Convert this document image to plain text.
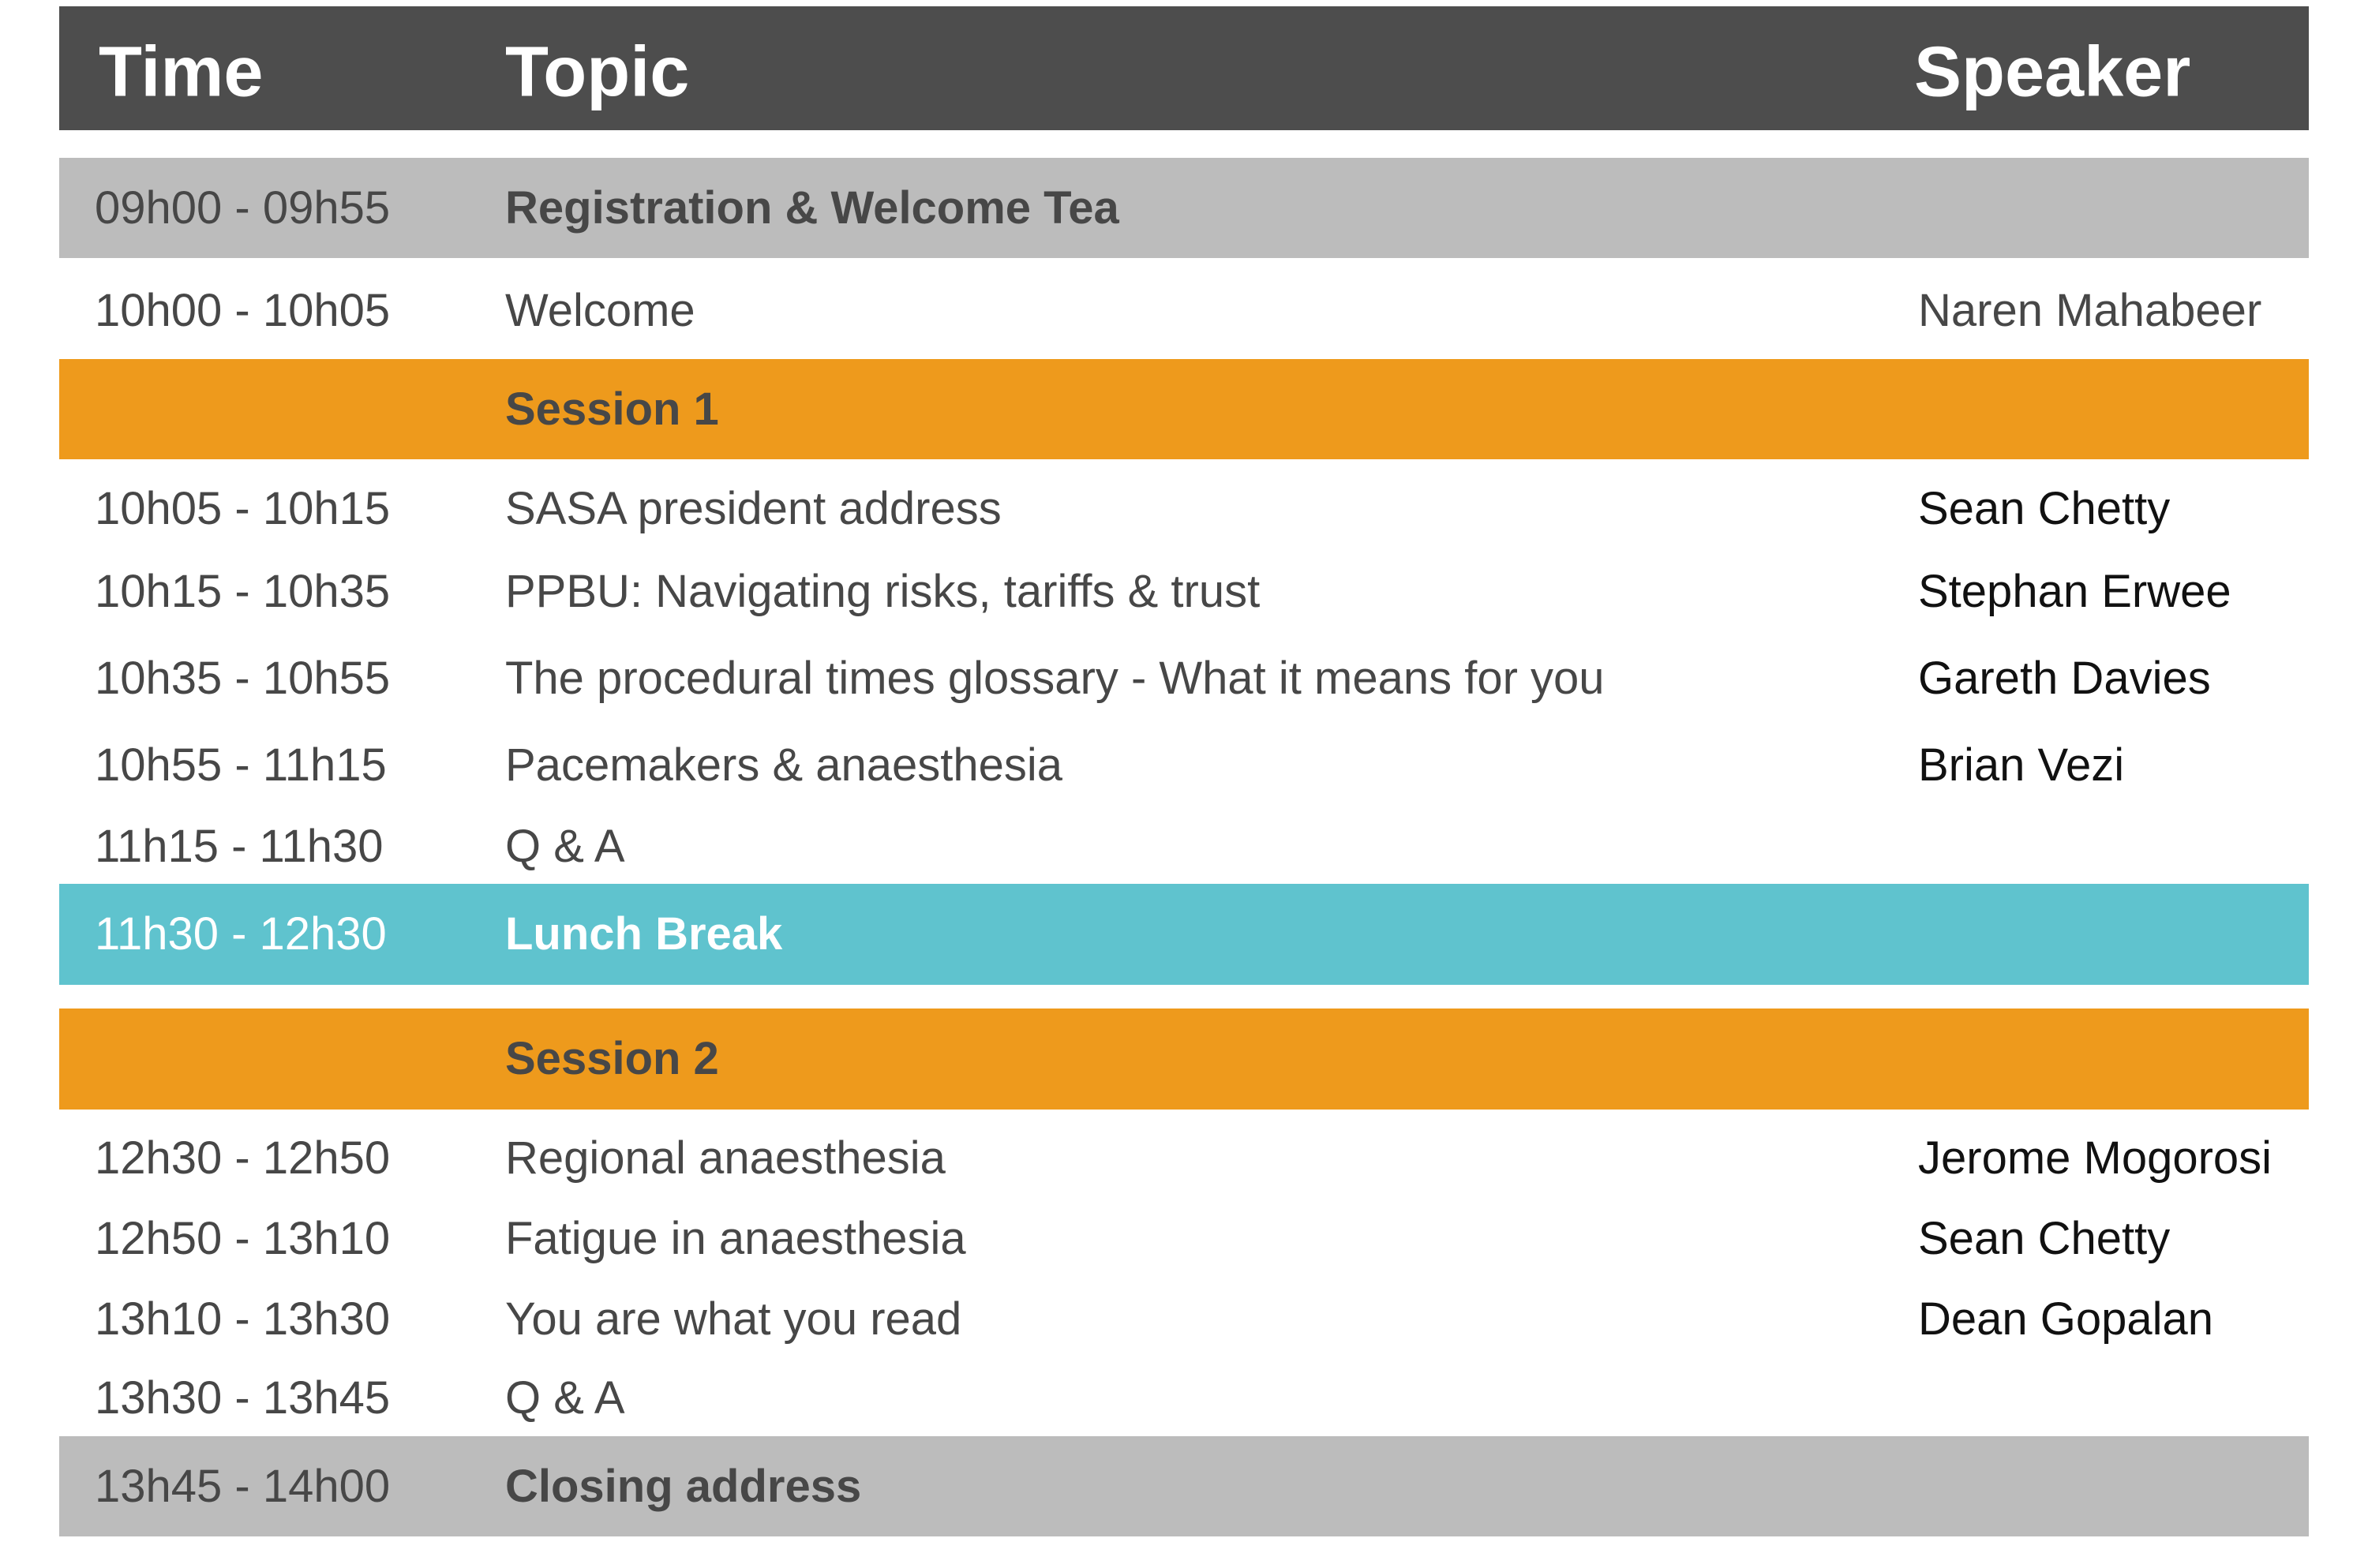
Time	Topic	Speaker
09h00 - 09h55	Registration & Welcome Tea
10h00 - 10h05	Welcome	Naren Mahabeer
Session 1
10h05 - 10h15	SASA president address	Sean Chetty
10h15 - 10h35	PPBU: Navigating risks, tariffs & trust	Stephan Erwee
10h35 - 10h55	The procedural times glossary - What it means for you	Gareth Davies
10h55 - 11h15	Pacemakers & anaesthesia	Brian Vezi
11h15 - 11h30	Q & A
11h30 - 12h30	Lunch Break
Session 2
12h30 - 12h50	Regional anaesthesia	Jerome Mogorosi
12h50 - 13h10	Fatigue in anaesthesia	Sean Chetty
13h10 - 13h30	You are what you read	Dean Gopalan
13h30 - 13h45	Q & A
13h45 - 14h00	Closing address
